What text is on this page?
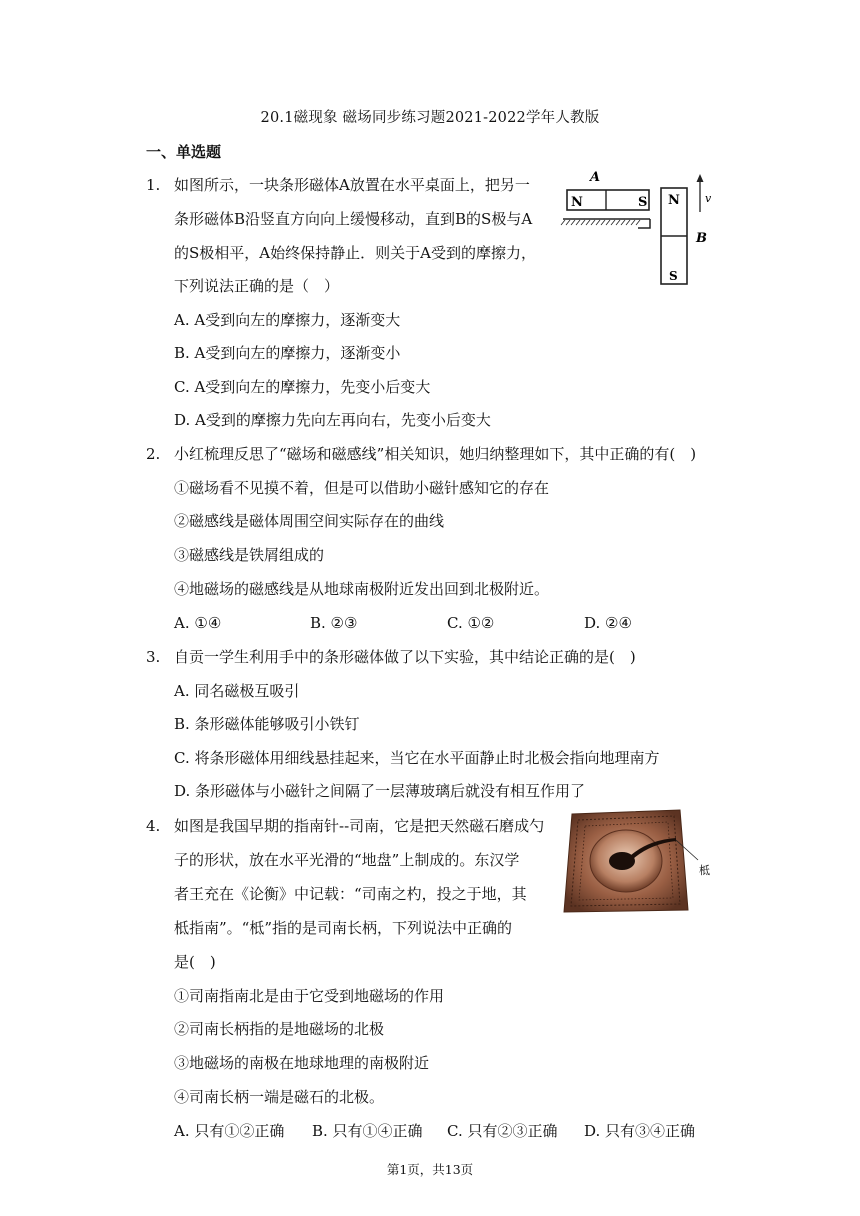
20.1磁现象 磁场同步练习题2021-2022学年人教版
一、单选题
1. 如图所示，一块条形磁体A放置在水平桌面上，把另一
条形磁体B沿竖直方向向上缓慢移动，直到B的S极与A
的S极相平，A始终保持静止．则关于A受到的摩擦力，
下列说法正确的是（　）
A. A受到向左的摩擦力，逐渐变大
B. A受到向左的摩擦力，逐渐变小
C. A受到向左的摩擦力，先变小后变大
D. A受到的摩擦力先向左再向右，先变小后变大
N	S
A
N
S
v
B
2. 小红梳理反思了“磁场和磁感线”相关知识，她归纳整理如下，其中正确的有(　)
①磁场看不见摸不着，但是可以借助小磁针感知它的存在
②磁感线是磁体周围空间实际存在的曲线
③磁感线是铁屑组成的
④地磁场的磁感线是从地球南极附近发出回到北极附近。
A. ①④	B. ②③	C. ①②	D. ②④
3. 自贡一学生利用手中的条形磁体做了以下实验，其中结论正确的是(　)
A. 同名磁极互吸引
B. 条形磁体能够吸引小铁钉
C. 将条形磁体用细线悬挂起来，当它在水平面静止时北极会指向地理南方
D. 条形磁体与小磁针之间隔了一层薄玻璃后就没有相互作用了
4. 如图是我国早期的指南针--司南，它是把天然磁石磨成勺
子的形状，放在水平光滑的“地盘”上制成的。东汉学
者王充在《论衡》中记载：“司南之杓，投之于地，其
柢指南”。“柢”指的是司南长柄，下列说法中正确的
是(　)
①司南指南北是由于它受到地磁场的作用
②司南长柄指的是地磁场的北极
③地磁场的南极在地球地理的南极附近
④司南长柄一端是磁石的北极。
A. 只有①②正确 B. 只有①④正确 C. 只有②③正确 D. 只有③④正确
柢
第1页，共13页
